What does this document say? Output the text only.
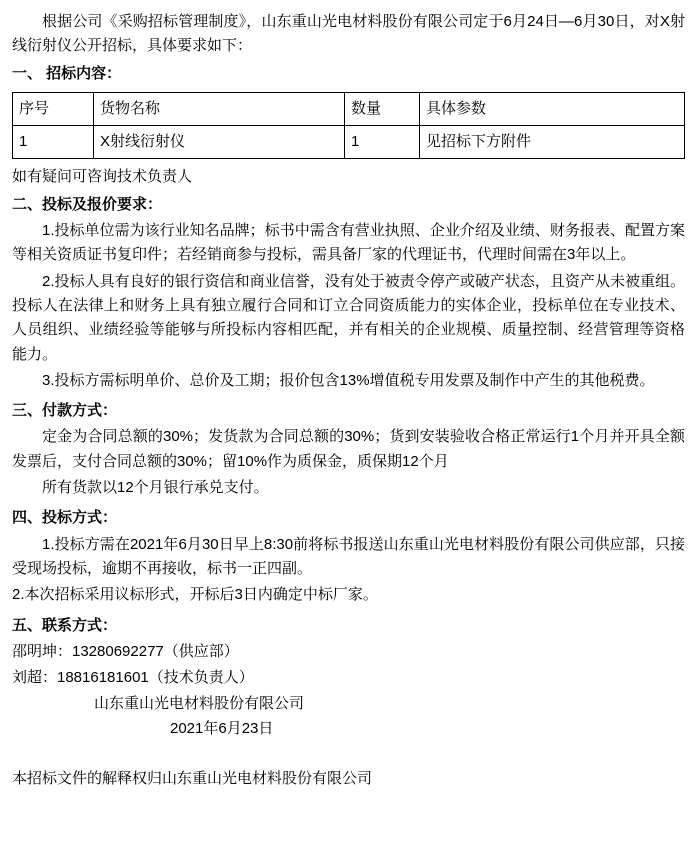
根据公司《采购招标管理制度》，山东重山光电材料股份有限公司定于6月24日—6月30日，对X射线衍射仪公开招标，具体要求如下：

一、 招标内容：

序号	货物名称	数量	具体参数
1	X射线衍射仪	1	见招标下方附件

如有疑问可咨询技术负责人

二、投标及报价要求：

1.投标单位需为该行业知名品牌；标书中需含有营业执照、企业介绍及业绩、财务报表、配置方案等相关资质证书复印件；若经销商参与投标，需具备厂家的代理证书，代理时间需在3年以上。

2.投标人具有良好的银行资信和商业信誉，没有处于被责令停产或破产状态，且资产从未被重组。投标人在法律上和财务上具有独立履行合同和订立合同资质能力的实体企业，投标单位在专业技术、人员组织、业绩经验等能够与所投标内容相匹配，并有相关的企业规模、质量控制、经营管理等资格能力。

3.投标方需标明单价、总价及工期；报价包含13%增值税专用发票及制作中产生的其他税费。

三、付款方式：

定金为合同总额的30%；发货款为合同总额的30%；货到安装验收合格正常运行1个月并开具全额发票后，支付合同总额的30%；留10%作为质保金，质保期12个月

所有货款以12个月银行承兑支付。

四、投标方式：

1.投标方需在2021年6月30日早上8:30前将标书报送山东重山光电材料股份有限公司供应部，只接受现场投标，逾期不再接收，标书一正四副。

2.本次招标采用议标形式，开标后3日内确定中标厂家。

五、联系方式：

邵明坤：13280692277（供应部）

刘超：18816181601（技术负责人）

山东重山光电材料股份有限公司

2021年6月23日

本招标文件的解释权归山东重山光电材料股份有限公司
